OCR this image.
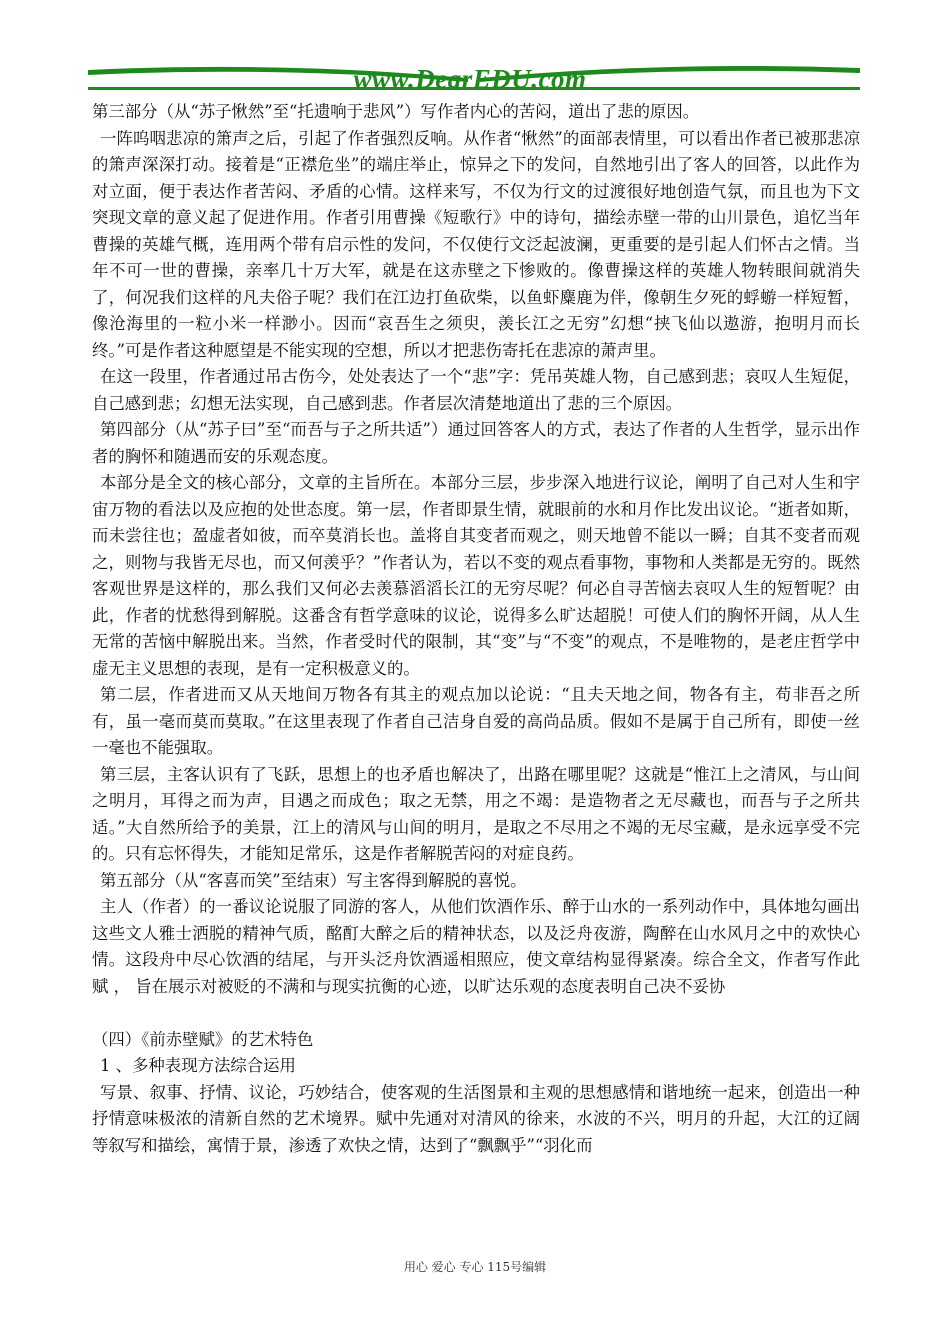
www.DearEDU.com

第三部分（从“苏子愀然”至“托遗响于悲风”）写作者内心的苦闷，道出了悲的原因。

一阵呜咽悲凉的箫声之后，引起了作者强烈反响。从作者“愀然”的面部表情里，可以看出作者已被那悲凉的箫声深深打动。接着是“正襟危坐”的端庄举止，惊异之下的发问，自然地引出了客人的回答，以此作为对立面，便于表达作者苦闷、矛盾的心情。这样来写，不仅为行文的过渡很好地创造气氛，而且也为下文突现文章的意义起了促进作用。作者引用曹操《短歌行》中的诗句，描绘赤壁一带的山川景色，追忆当年曹操的英雄气概，连用两个带有启示性的发问，不仅使行文泛起波澜，更重要的是引起人们怀古之情。当年不可一世的曹操，亲率几十万大军，就是在这赤壁之下惨败的。像曹操这样的英雄人物转眼间就消失了，何况我们这样的凡夫俗子呢？我们在江边打鱼砍柴，以鱼虾麋鹿为伴，像朝生夕死的蜉蝣一样短暂，像沧海里的一粒小米一样渺小。因而“哀吾生之须臾，羡长江之无穷”幻想“挟飞仙以遨游，抱明月而长终。”可是作者这种愿望是不能实现的空想，所以才把悲伤寄托在悲凉的萧声里。

在这一段里，作者通过吊古伤今，处处表达了一个“悲”字：凭吊英雄人物，自己感到悲；哀叹人生短促，自己感到悲；幻想无法实现，自己感到悲。作者层次清楚地道出了悲的三个原因。

第四部分（从“苏子曰”至“而吾与子之所共适”）通过回答客人的方式，表达了作者的人生哲学，显示出作者的胸怀和随遇而安的乐观态度。

本部分是全文的核心部分，文章的主旨所在。本部分三层，步步深入地进行议论，阐明了自己对人生和宇宙万物的看法以及应抱的处世态度。第一层，作者即景生情，就眼前的水和月作比发出议论。“逝者如斯，而未尝往也；盈虚者如彼，而卒莫消长也。盖将自其变者而观之，则天地曾不能以一瞬；自其不变者而观之，则物与我皆无尽也，而又何羡乎？”作者认为，若以不变的观点看事物，事物和人类都是无穷的。既然客观世界是这样的，那么我们又何必去羡慕滔滔长江的无穷尽呢？何必自寻苦恼去哀叹人生的短暂呢？由此，作者的忧愁得到解脱。这番含有哲学意味的议论，说得多么旷达超脱！可使人们的胸怀开阔，从人生无常的苦恼中解脱出来。当然，作者受时代的限制，其“变”与“不变”的观点，不是唯物的，是老庄哲学中虚无主义思想的表现，是有一定积极意义的。

第二层，作者进而又从天地间万物各有其主的观点加以论说：“且夫天地之间，物各有主，苟非吾之所有，虽一毫而莫而莫取。”在这里表现了作者自己洁身自爱的高尚品质。假如不是属于自己所有，即使一丝一毫也不能强取。

第三层，主客认识有了飞跃，思想上的也矛盾也解决了，出路在哪里呢？这就是“惟江上之清风，与山间之明月，耳得之而为声，目遇之而成色；取之无禁，用之不竭：是造物者之无尽藏也，而吾与子之所共适。”大自然所给予的美景，江上的清风与山间的明月，是取之不尽用之不竭的无尽宝藏，是永远享受不完的。只有忘怀得失，才能知足常乐，这是作者解脱苦闷的对症良药。

第五部分（从“客喜而笑”至结束）写主客得到解脱的喜悦。

主人（作者）的一番议论说服了同游的客人，从他们饮酒作乐、醉于山水的一系列动作中，具体地勾画出这些文人雅士洒脱的精神气质，酩酊大醉之后的精神状态，以及泛舟夜游，陶醉在山水风月之中的欢快心情。这段舟中尽心饮酒的结尾，与开头泛舟饮酒遥相照应，使文章结构显得紧凑。综合全文，作者写作此赋 ， 旨在展示对被贬的不满和与现实抗衡的心迹，以旷达乐观的态度表明自己决不妥协

（四）《前赤壁赋》的艺术特色

1 、多种表现方法综合运用

写景、叙事、抒情、议论，巧妙结合，使客观的生活图景和主观的思想感情和谐地统一起来，创造出一种抒情意味极浓的清新自然的艺术境界。赋中先通对对清风的徐来，水波的不兴，明月的升起，大江的辽阔等叙写和描绘，寓情于景，渗透了欢快之情，达到了“飘飘乎”“羽化而

用心 爱心 专心 115号编辑
